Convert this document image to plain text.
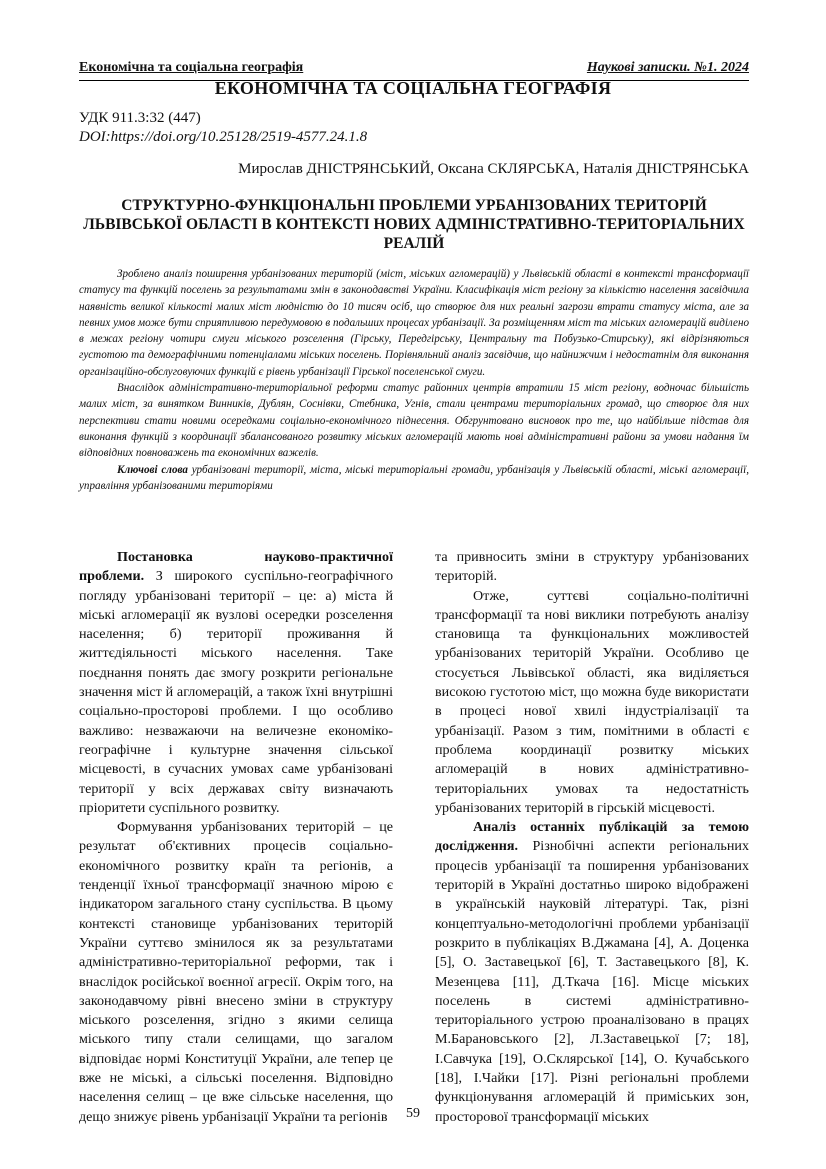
Економічна та соціальна географія	Наукові записки. №1. 2024
ЕКОНОМІЧНА ТА СОЦІАЛЬНА ГЕОГРАФІЯ
УДК 911.3:32 (447)
DOI:https://doi.org/10.25128/2519-4577.24.1.8
Мирослав ДНІСТРЯНСЬКИЙ, Оксана СКЛЯРСЬКА, Наталія ДНІСТРЯНСЬКА
СТРУКТУРНО-ФУНКЦІОНАЛЬНІ ПРОБЛЕМИ УРБАНІЗОВАНИХ ТЕРИТОРІЙ ЛЬВІВСЬКОЇ ОБЛАСТІ В КОНТЕКСТІ НОВИХ АДМІНІСТРАТИВНО-ТЕРИТОРІАЛЬНИХ РЕАЛІЙ

Зроблено аналіз поширення урбанізованих територій (міст, міських агломерацій) у Львівській області в контексті трансформації статусу та функцій поселень за результатами змін в законодавстві України. Класифікація міст регіону за кількістю населення засвідчила наявність великої кількості малих міст людністю до 10 тисяч осіб, що створює для них реальні загрози втрати статусу міста, але за певних умов може бути сприятливою передумовою в подальших процесах урбанізації. За розміщенням міст та міських агломерацій виділено в межах регіону чотири смуги міського розселення (Гірську, Передгірську, Центральну та Побузько-Стирську), які відрізняються густотою та демографічними потенціалами міських поселень. Порівняльний аналіз засвідчив, що найнижчим і недостатнім для виконання організаційно-обслуговуючих функцій є рівень урбанізації Гірської поселенської смуги.

Внаслідок адміністративно-територіальної реформи статус районних центрів втратили 15 міст регіону, водночас більшість малих міст, за винятком Винників, Дублян, Соснівки, Стебника, Угнів, стали центрами територіальних громад, що створює для них перспективи стати новими осередками соціально-економічного піднесення. Обгрунтовано висновок про те, що найбільше підстав для виконання функцій з координації збалансованого розвитку міських агломерацій мають нові адміністративні райони за умови надання їм відповідних повноважень та економічних важелів.

Ключові слова урбанізовані території, міста, міські територіальні громади, урбанізація у Львівській області, міські агломерації, управління урбанізованими територіями

Постановка науково-практичної проблеми. З широкого суспільно-географічного погляду урбанізовані території – це: а) міста й міські агломерації як вузлові осередки розселення населення; б) території проживання й життєдіяльності міського населення. Таке поєднання понять дає змогу розкрити регіональне значення міст й агломерацій, а також їхні внутрішні соціально-просторові проблеми. І що особливо важливо: незважаючи на величезне економіко-географічне і культурне значення сільської місцевості, в сучасних умовах саме урбанізовані території у всіх державах світу визначають пріоритети суспільного розвитку.

Формування урбанізованих територій – це результат об'єктивних процесів соціально-економічного розвитку країн та регіонів, а тенденції їхньої трансформації значною мірою є індикатором загального стану суспільства. В цьому контексті становище урбанізованих територій України суттєво змінилося як за результатами адміністративно-територіальної реформи, так і внаслідок російської воєнної агресії. Окрім того, на законодавчому рівні внесено зміни в структуру міського розселення, згідно з якими селища міського типу стали селищами, що загалом відповідає нормі Конституції України, але тепер це вже не міські, а сільські поселення. Відповідно населення селищ – це вже сільське населення, що дещо знижує рівень урбанізації України та регіонів

та привносить зміни в структуру урбанізованих територій.

Отже, суттєві соціально-політичні трансформації та нові виклики потребують аналізу становища та функціональних можливостей урбанізованих територій України. Особливо це стосується Львівської області, яка виділяється високою густотою міст, що можна буде використати в процесі нової хвилі індустріалізації та урбанізації. Разом з тим, помітними в області є проблема координації розвитку міських агломерацій в нових адміністративно-територіальних умовах та недостатність урбанізованих територій в гірській місцевості.

Аналіз останніх публікацій за темою дослідження. Різнобічні аспекти регіональних процесів урбанізації та поширення урбанізованих територій в Україні достатньо широко відображені в українській науковій літературі. Так, різні концептуально-методологічні проблеми урбанізації розкрито в публікаціях В.Джамана [4], А. Доценка [5], О. Заставецької [6], Т. Заставецького [8], К. Мезенцева [11], Д.Ткача [16]. Місце міських поселень в системі адміністративно-територіального устрою проаналізовано в працях М.Барановського [2], Л.Заставецької [7; 18], І.Савчука [19], О.Склярської [14], О. Кучабського [18], І.Чайки [17]. Різні регіональні проблеми функціонування агломерацій й приміських зон, просторової трансформації міських

59
